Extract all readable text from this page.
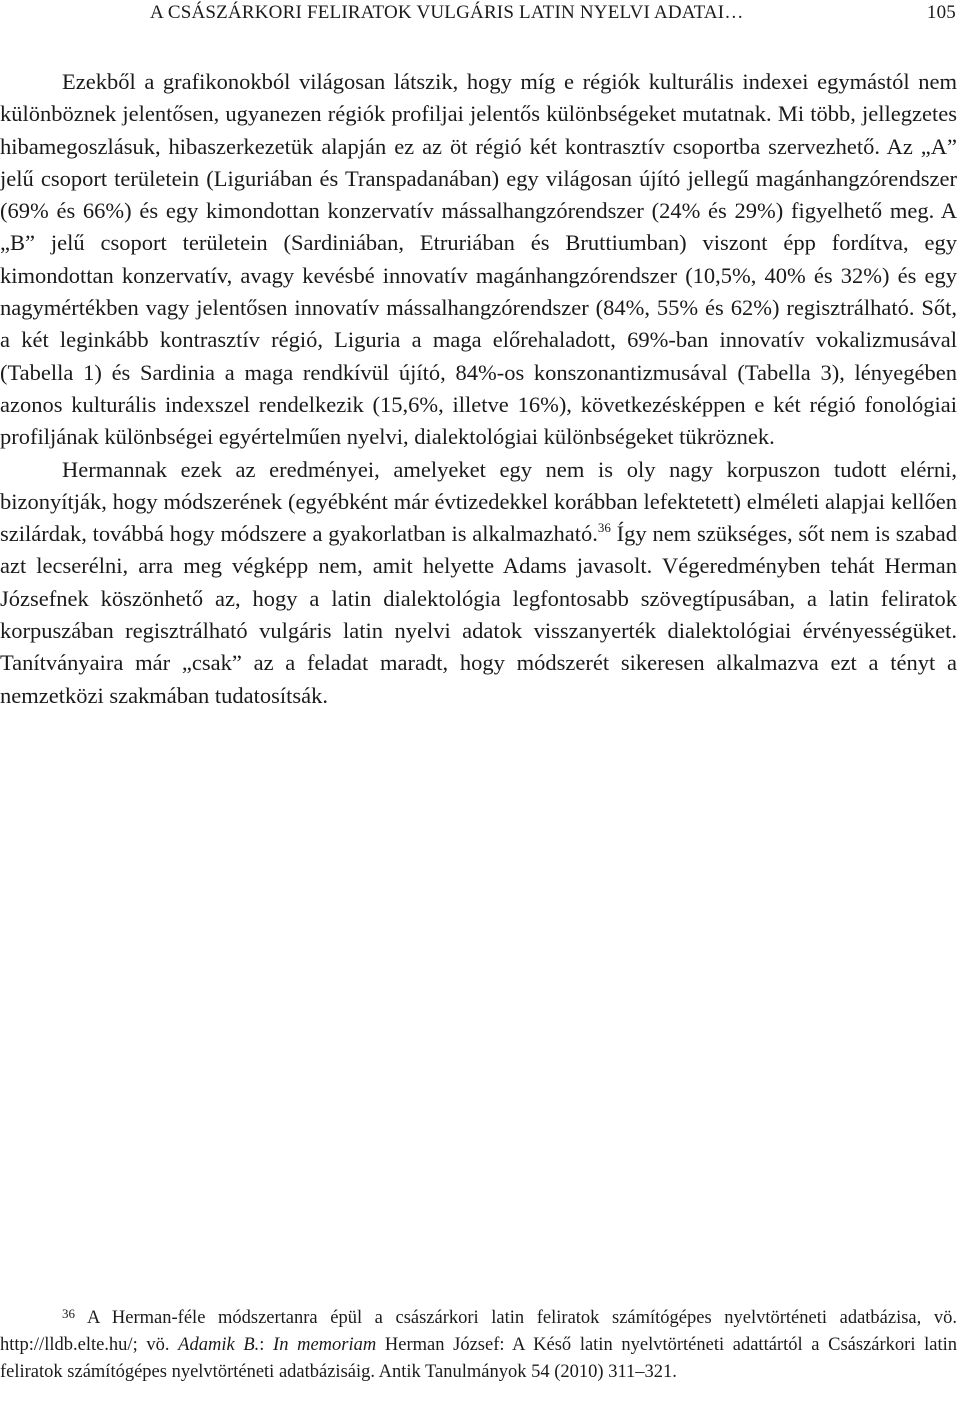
A CSÁSZÁRKORI FELIRATOK VULGÁRIS LATIN NYELVI ADATAI…	105

Ezekből a grafikonokból világosan látszik, hogy míg e régiók kulturális indexei egymástól nem különböznek jelentősen, ugyanezen régiók profiljai jelentős különbségeket mutatnak. Mi több, jellegzetes hibamegoszlásuk, hibaszerkezetük alapján ez az öt régió két kontrasztív csoportba szervezhető. Az „A” jelű csoport területein (Liguriában és Transpadanában) egy világosan újító jellegű magánhangzórendszer (69% és 66%) és egy kimondottan konzervatív mássalhangzórendszer (24% és 29%) figyelhető meg. A „B” jelű csoport területein (Sardiniában, Etruriában és Bruttiumban) viszont épp fordítva, egy kimondottan konzervatív, avagy kevésbé innovatív magánhangzórendszer (10,5%, 40% és 32%) és egy nagymértékben vagy jelentősen innovatív mássalhangzórendszer (84%, 55% és 62%) regisztrálható. Sőt, a két leginkább kontrasztív régió, Liguria a maga előrehaladott, 69%-ban innovatív vokalizmusával (Tabella 1) és Sardinia a maga rendkívül újító, 84%-os konszonantizmusával (Tabella 3), lényegében azonos kulturális indexszel rendelkezik (15,6%, illetve 16%), következésképpen e két régió fonológiai profiljának különbségei egyértelműen nyelvi, dialektológiai különbségeket tükröznek.

Hermannak ezek az eredményei, amelyeket egy nem is oly nagy korpuszon tudott elérni, bizonyítják, hogy módszerének (egyébként már évtizedekkel korábban lefektetett) elméleti alapjai kellően szilárdak, továbbá hogy módszere a gyakorlatban is alkalmazható.$^{36}$ Így nem szükséges, sőt nem is szabad azt lecserélni, arra meg végképp nem, amit helyette Adams javasolt. Végeredményben tehát Herman Józsefnek köszönhető az, hogy a latin dialektológia legfontosabb szövegtípusában, a latin feliratok korpuszában regisztrálható vulgáris latin nyelvi adatok visszanyerték dialektológiai érvényességüket. Tanítványaira már „csak” az a feladat maradt, hogy módszerét sikeresen alkalmazva ezt a tényt a nemzetközi szakmában tudatosítsák.

$^{36}$ A Herman-féle módszertanra épül a császárkori latin feliratok számítógépes nyelvtörténeti adatbázisa, vö. http://lldb.elte.hu/; vö. Adamik B.: In memoriam Herman József: A Késő latin nyelvtörténeti adattártól a Császárkori latin feliratok számítógépes nyelvtörténeti adatbázisáig. Antik Tanulmányok 54 (2010) 311–321.
